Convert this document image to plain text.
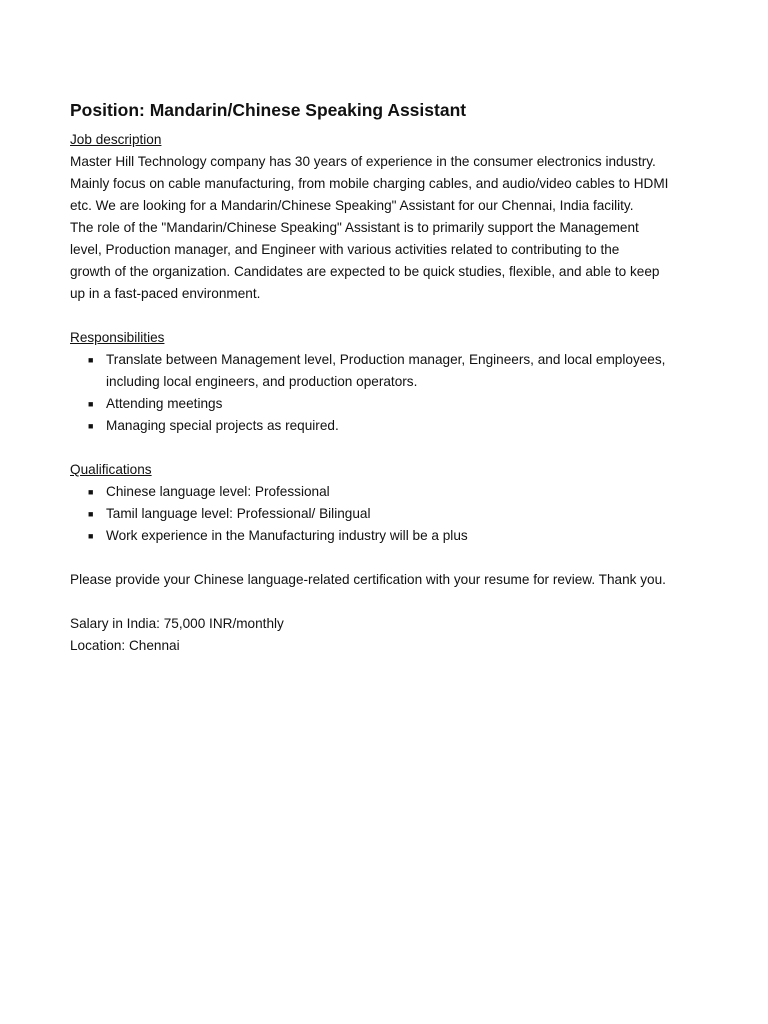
Position: Mandarin/Chinese Speaking Assistant

Job description

Master Hill Technology company has 30 years of experience in the consumer electronics industry.

Mainly focus on cable manufacturing, from mobile charging cables, and audio/video cables to HDMI

etc. We are looking for a Mandarin/Chinese Speaking" Assistant for our Chennai, India facility.

The role of the "Mandarin/Chinese Speaking" Assistant is to primarily support the Management

level, Production manager, and Engineer with various activities related to contributing to the

growth of the organization. Candidates are expected to be quick studies, flexible, and able to keep

up in a fast-paced environment.

Responsibilities

■ Translate between Management level, Production manager, Engineers, and local employees, including local engineers, and production operators.
■ Attending meetings
■ Managing special projects as required.

Qualifications

■ Chinese language level: Professional
■ Tamil language level: Professional/ Bilingual
■ Work experience in the Manufacturing industry will be a plus

Please provide your Chinese language-related certification with your resume for review. Thank you.

Salary in India: 75,000 INR/monthly

Location: Chennai
